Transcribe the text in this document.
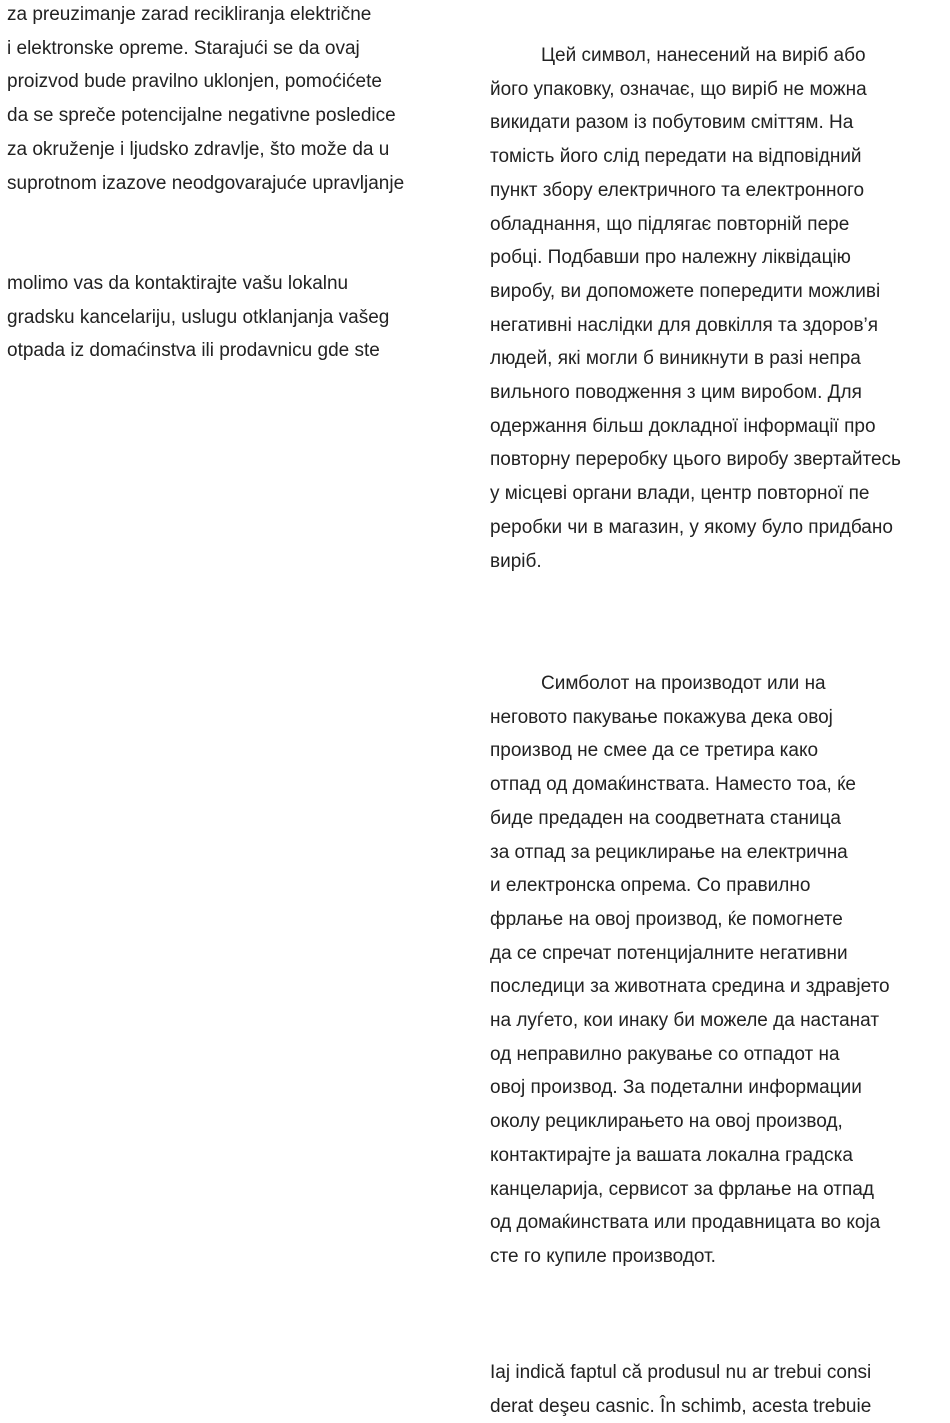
za preuzimanje zarad recikliranja električne
i elektronske opreme. Starajući se da ovaj
proizvod bude pravilno uklonjen, pomoćićete
da se spreče potencijalne negativne posledice
za okruženje i ljudsko zdravlje, što može da u
suprotnom izazove neodgovarajuće upravljanje
molimo vas da kontaktirajte vašu lokalnu
gradsku kancelariju, uslugu otklanjanja vašeg
otpada iz domaćinstva ili prodavnicu gde ste
Цей символ, нанесений на виріб або
його упаковку, означає, що виріб не можна
викидати разом із побутовим сміттям. На
томість його слід передати на відповідний
пункт збору електричного та електронного
обладнання, що підлягає повторній пере
робці. Подбавши про належну ліквідацію
виробу, ви допоможете попередити можливі
негативні наслідки для довкілля та здоров’я
людей, які могли б виникнути в разі непра
вильного поводження з цим виробом. Для
одержання більш докладної інформації про
повторну переробку цього виробу звертайтесь
у місцеві органи влади, центр повторної пе
реробки чи в магазин, у якому було придбано
виріб.
Симболот на производот или на
неговото пакување покажува дека овој
производ не смее да се третира како
отпад од домаќинствата. Наместо тоа, ќе
биде предаден на соодветната станица
за отпад за рециклирање на електрична
и електронска опрема. Со правилно
фрлање на овој производ, ќе помогнете
да се спречат потенцијалните негативни
последици за животната средина и здравјето
на луѓето, кои инаку би можеле да настанат
од неправилно ракување со отпадот на
овој производ. За подетални информации
околу рециклирањето на овој производ,
контактирајте ја вашата локална градска
канцеларија, сервисот за фрлање на отпад
од домаќинствата или продавницата во која
сте го купиле производот.
Iaj indică faptul că produsul nu ar trebui consi
derat deşeu casnic. În schimb, acesta trebuie
